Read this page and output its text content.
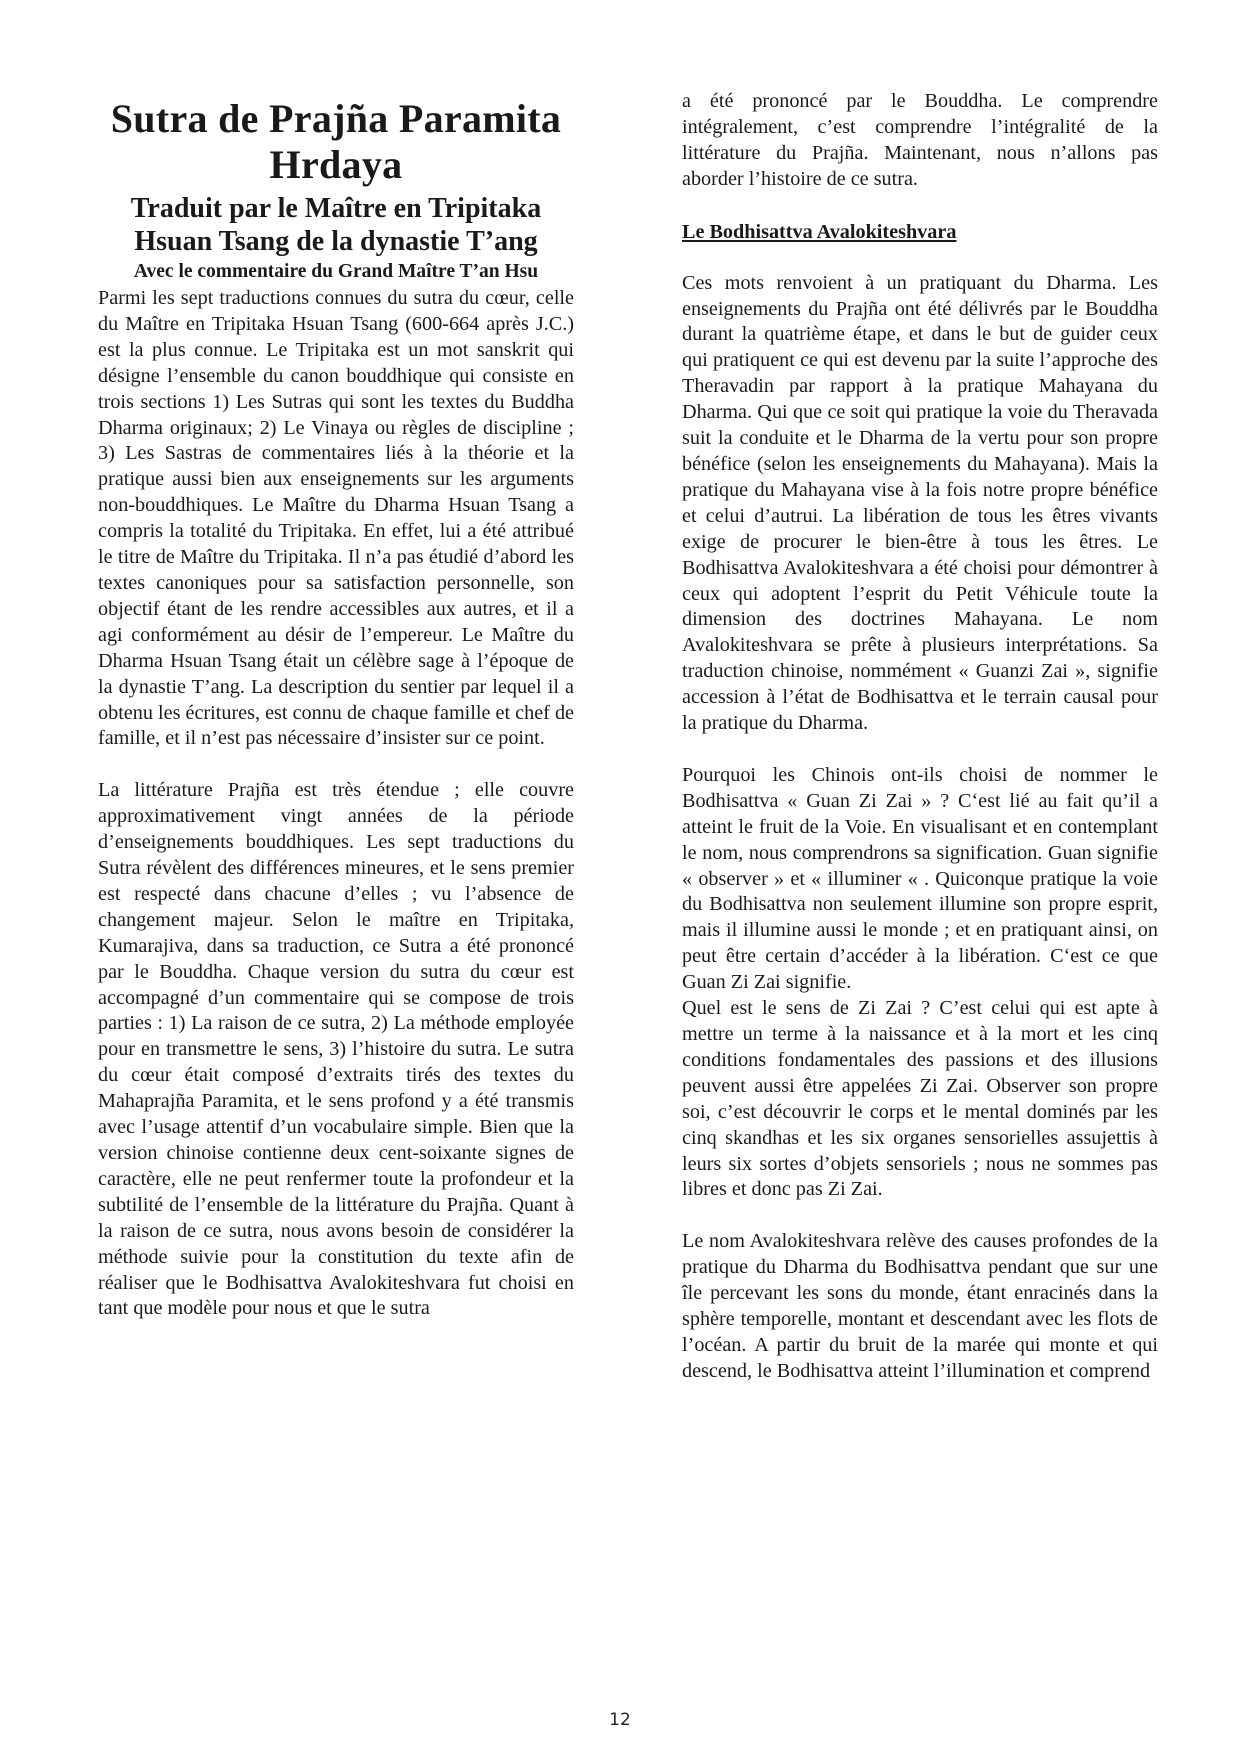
Sutra de Prajña Paramita Hrdaya
Traduit par le Maître en Tripitaka Hsuan Tsang de la dynastie T’ang
Avec le commentaire du Grand Maître T’an Hsu

Parmi les sept traductions connues du sutra du cœur, celle du Maître en Tripitaka Hsuan Tsang (600-664 après J.C.) est la plus connue. Le Tripitaka est un mot sanskrit qui désigne l’ensemble du canon bouddhique qui consiste en trois sections 1) Les Sutras qui sont les textes du Buddha Dharma originaux; 2) Le Vinaya ou règles de discipline ; 3) Les Sastras de commentaires liés à la théorie et la pratique aussi bien aux enseignements sur les arguments non-bouddhiques. Le Maître du Dharma Hsuan Tsang a compris la totalité du Tripitaka. En effet, lui a été attribué le titre de Maître du Tripitaka. Il n’a pas étudié d’abord les textes canoniques pour sa satisfaction personnelle, son objectif étant de les rendre accessibles aux autres, et il a agi conformément au désir de l’empereur. Le Maître du Dharma Hsuan Tsang était un célèbre sage à l’époque de la dynastie T’ang. La description du sentier par lequel il a obtenu les écritures, est connu de chaque famille et chef de famille, et il n’est pas nécessaire d’insister sur ce point.

La littérature Prajña est très étendue ; elle couvre approximativement vingt années de la période d’enseignements bouddhiques. Les sept traductions du Sutra révèlent des différences mineures, et le sens premier est respecté dans chacune d’elles ; vu l’absence de changement majeur. Selon le maître en Tripitaka, Kumarajiva, dans sa traduction, ce Sutra a été prononcé par le Bouddha. Chaque version du sutra du cœur est accompagné d’un commentaire qui se compose de trois parties : 1) La raison de ce sutra, 2) La méthode employée pour en transmettre le sens, 3) l’histoire du sutra. Le sutra du cœur était composé d’extraits tirés des textes du Mahaprajña Paramita, et le sens profond y a été transmis avec l’usage attentif d’un vocabulaire simple. Bien que la version chinoise contienne deux cent-soixante signes de caractère, elle ne peut renfermer toute la profondeur et la subtilité de l’ensemble de la littérature du Prajña. Quant à la raison de ce sutra, nous avons besoin de considérer la méthode suivie pour la constitution du texte afin de réaliser que le Bodhisattva Avalokiteshvara fut choisi en tant que modèle pour nous et que le sutra

a été prononcé par le Bouddha. Le comprendre intégralement, c’est comprendre l’intégralité de la littérature du Prajña. Maintenant, nous n’allons pas aborder l’histoire de ce sutra.

Le Bodhisattva Avalokiteshvara

Ces mots renvoient à un pratiquant du Dharma. Les enseignements du Prajña ont été délivrés par le Bouddha durant la quatrième étape, et dans le but de guider ceux qui pratiquent ce qui est devenu par la suite l’approche des Theravadin par rapport à la pratique Mahayana du Dharma. Qui que ce soit qui pratique la voie du Theravada suit la conduite et le Dharma de la vertu pour son propre bénéfice (selon les enseignements du Mahayana). Mais la pratique du Mahayana vise à la fois notre propre bénéfice et celui d’autrui. La libération de tous les êtres vivants exige de procurer le bien-être à tous les êtres. Le Bodhisattva Avalokiteshvara a été choisi pour démontrer à ceux qui adoptent l’esprit du Petit Véhicule toute la dimension des doctrines Mahayana. Le nom Avalokiteshvara se prête à plusieurs interprétations. Sa traduction chinoise, nommément « Guanzi Zai », signifie accession à l’état de Bodhisattva et le terrain causal pour la pratique du Dharma.

Pourquoi les Chinois ont-ils choisi de nommer le Bodhisattva « Guan Zi Zai » ? C‘est lié au fait qu’il a atteint le fruit de la Voie. En visualisant et en contemplant le nom, nous comprendrons sa signification. Guan signifie « observer » et « illuminer « . Quiconque pratique la voie du Bodhisattva non seulement illumine son propre esprit, mais il illumine aussi le monde ; et en pratiquant ainsi, on peut être certain d’accéder à la libération. C‘est ce que Guan Zi Zai signifie.

Quel est le sens de Zi Zai ? C’est celui qui est apte à mettre un terme à la naissance et à la mort et les cinq conditions fondamentales des passions et des illusions peuvent aussi être appelées Zi Zai. Observer son propre soi, c’est découvrir le corps et le mental dominés par les cinq skandhas et les six organes sensorielles assujettis à leurs six sortes d’objets sensoriels ; nous ne sommes pas libres et donc pas Zi Zai.

Le nom Avalokiteshvara relève des causes profondes de la pratique du Dharma du Bodhisattva pendant que sur une île percevant les sons du monde, étant enracinés dans la sphère temporelle, montant et descendant avec les flots de l’océan. A partir du bruit de la marée qui monte et qui descend, le Bodhisattva atteint l’illumination et comprend

12
